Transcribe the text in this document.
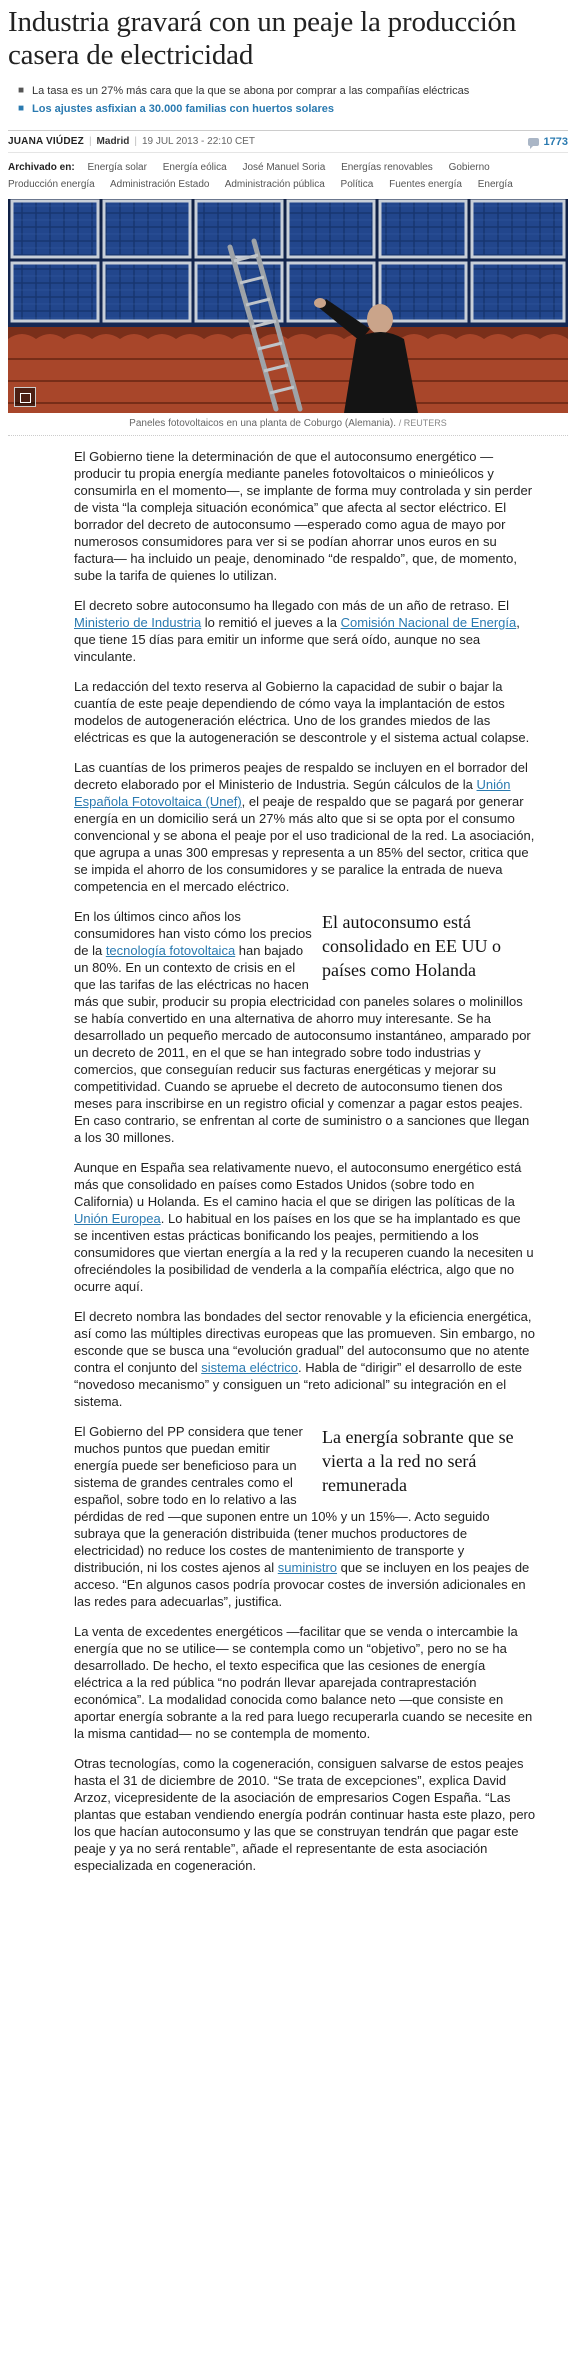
Industria gravará con un peaje la producción casera de electricidad
■ La tasa es un 27% más cara que la que se abona por comprar a las compañías eléctricas
■ Los ajustes asfixian a 30.000 familias con huertos solares
JUANA VIÚDEZ | Madrid | 19 JUL 2013 - 22:10 CET	1773
Archivado en: Energía solar Energía eólica José Manuel Soria Energías renovables Gobierno
Producción energía Administración Estado Administración pública Política Fuentes energía Energía
Paneles fotovoltaicos en una planta de Coburgo (Alemania). / REUTERS

El Gobierno tiene la determinación de que el autoconsumo energético —producir tu propia energía mediante paneles fotovoltaicos o minieólicos y consumirla en el momento—, se implante de forma muy controlada y sin perder de vista “la compleja situación económica” que afecta al sector eléctrico. El borrador del decreto de autoconsumo —esperado como agua de mayo por numerosos consumidores para ver si se podían ahorrar unos euros en su factura— ha incluido un peaje, denominado “de respaldo”, que, de momento, sube la tarifa de quienes lo utilizan.

El decreto sobre autoconsumo ha llegado con más de un año de retraso. El Ministerio de Industria lo remitió el jueves a la Comisión Nacional de Energía, que tiene 15 días para emitir un informe que será oído, aunque no sea vinculante.

La redacción del texto reserva al Gobierno la capacidad de subir o bajar la cuantía de este peaje dependiendo de cómo vaya la implantación de estos modelos de autogeneración eléctrica. Uno de los grandes miedos de las eléctricas es que la autogeneración se descontrole y el sistema actual colapse.

Las cuantías de los primeros peajes de respaldo se incluyen en el borrador del decreto elaborado por el Ministerio de Industria. Según cálculos de la Unión Española Fotovoltaica (Unef), el peaje de respaldo que se pagará por generar energía en un domicilio será un 27% más alto que si se opta por el consumo convencional y se abona el peaje por el uso tradicional de la red. La asociación, que agrupa a unas 300 empresas y representa a un 85% del sector, critica que se impida el ahorro de los consumidores y se paralice la entrada de nueva competencia en el mercado eléctrico.

El autoconsumo está consolidado en EE UU o países como Holanda
En los últimos cinco años los consumidores han visto cómo los precios de la tecnología fotovoltaica han bajado un 80%. En un contexto de crisis en el que las tarifas de las eléctricas no hacen más que subir, producir su propia electricidad con paneles solares o molinillos se había convertido en una alternativa de ahorro muy interesante. Se ha desarrollado un pequeño mercado de autoconsumo instantáneo, amparado por un decreto de 2011, en el que se han integrado sobre todo industrias y comercios, que conseguían reducir sus facturas energéticas y mejorar su competitividad. Cuando se apruebe el decreto de autoconsumo tienen dos meses para inscribirse en un registro oficial y comenzar a pagar estos peajes. En caso contrario, se enfrentan al corte de suministro o a sanciones que llegan a los 30 millones.

Aunque en España sea relativamente nuevo, el autoconsumo energético está más que consolidado en países como Estados Unidos (sobre todo en California) u Holanda. Es el camino hacia el que se dirigen las políticas de la Unión Europea. Lo habitual en los países en los que se ha implantado es que se incentiven estas prácticas bonificando los peajes, permitiendo a los consumidores que viertan energía a la red y la recuperen cuando la necesiten u ofreciéndoles la posibilidad de venderla a la compañía eléctrica, algo que no ocurre aquí.

El decreto nombra las bondades del sector renovable y la eficiencia energética, así como las múltiples directivas europeas que las promueven. Sin embargo, no esconde que se busca una “evolución gradual” del autoconsumo que no atente contra el conjunto del sistema eléctrico. Habla de “dirigir” el desarrollo de este “novedoso mecanismo” y consiguen un “reto adicional” su integración en el sistema.

La energía sobrante que se vierta a la red no será remunerada
El Gobierno del PP considera que tener muchos puntos que puedan emitir energía puede ser beneficioso para un sistema de grandes centrales como el español, sobre todo en lo relativo a las pérdidas de red —que suponen entre un 10% y un 15%—. Acto seguido subraya que la generación distribuida (tener muchos productores de electricidad) no reduce los costes de mantenimiento de transporte y distribución, ni los costes ajenos al suministro que se incluyen en los peajes de acceso. “En algunos casos podría provocar costes de inversión adicionales en las redes para adecuarlas”, justifica.

La venta de excedentes energéticos —facilitar que se venda o intercambie la energía que no se utilice— se contempla como un “objetivo”, pero no se ha desarrollado. De hecho, el texto especifica que las cesiones de energía eléctrica a la red pública “no podrán llevar aparejada contraprestación económica”. La modalidad conocida como balance neto —que consiste en aportar energía sobrante a la red para luego recuperarla cuando se necesite en la misma cantidad— no se contempla de momento.

Otras tecnologías, como la cogeneración, consiguen salvarse de estos peajes hasta el 31 de diciembre de 2010. “Se trata de excepciones”, explica David Arzoz, vicepresidente de la asociación de empresarios Cogen España. “Las plantas que estaban vendiendo energía podrán continuar hasta este plazo, pero los que hacían autoconsumo y las que se construyan tendrán que pagar este peaje y ya no será rentable”, añade el representante de esta asociación especializada en cogeneración.
